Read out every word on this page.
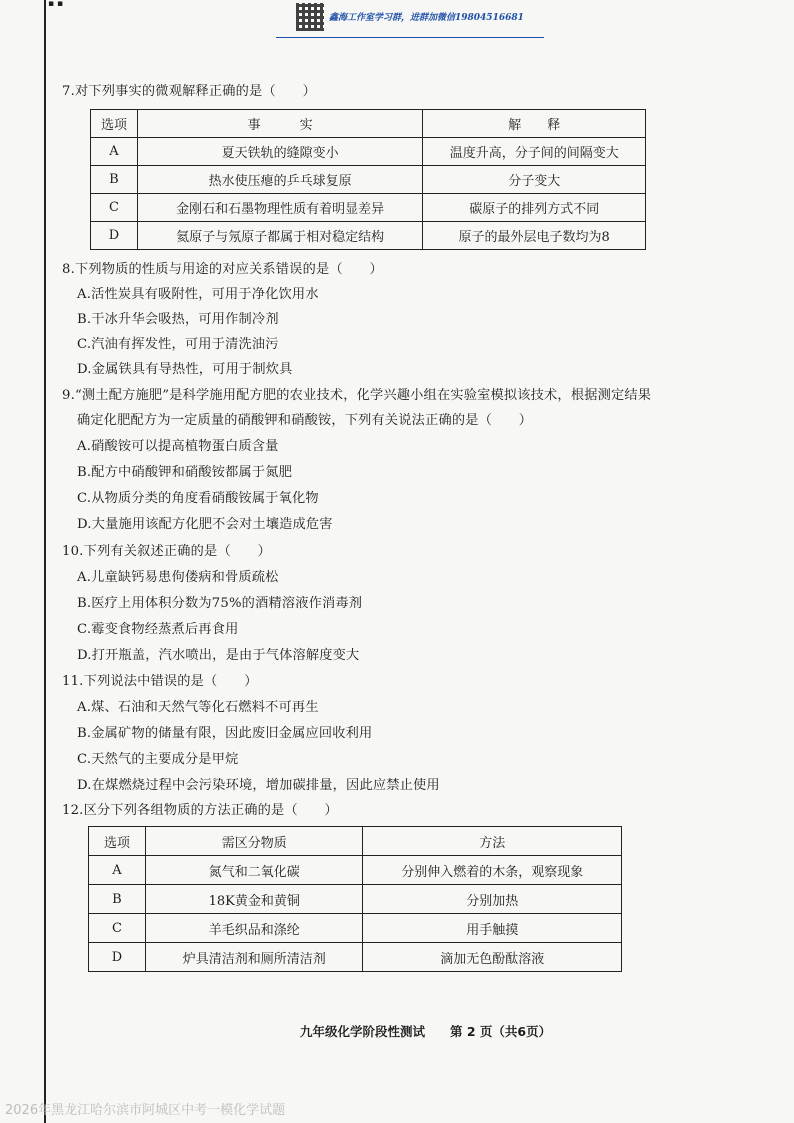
▪ ▪
鑫海工作室学习群，进群加微信19804516681
7.对下列事实的微观解释正确的是（　　）
选项	事　　　实	解　　释
A	夏天铁轨的缝隙变小	温度升高，分子间的间隔变大
B	热水使压瘪的乒乓球复原	分子变大
C	金刚石和石墨物理性质有着明显差异	碳原子的排列方式不同
D	氦原子与氖原子都属于相对稳定结构	原子的最外层电子数均为8
8.下列物质的性质与用途的对应关系错误的是（　　）
A.活性炭具有吸附性，可用于净化饮用水
B.干冰升华会吸热，可用作制冷剂
C.汽油有挥发性，可用于清洗油污
D.金属铁具有导热性，可用于制炊具
9.“测土配方施肥”是科学施用配方肥的农业技术，化学兴趣小组在实验室模拟该技术，根据测定结果
确定化肥配方为一定质量的硝酸钾和硝酸铵，下列有关说法正确的是（　　）
A.硝酸铵可以提高植物蛋白质含量
B.配方中硝酸钾和硝酸铵都属于氮肥
C.从物质分类的角度看硝酸铵属于氧化物
D.大量施用该配方化肥不会对土壤造成危害
10.下列有关叙述正确的是（　　）
A.儿童缺钙易患佝偻病和骨质疏松
B.医疗上用体积分数为75%的酒精溶液作消毒剂
C.霉变食物经蒸煮后再食用
D.打开瓶盖，汽水喷出，是由于气体溶解度变大
11.下列说法中错误的是（　　）
A.煤、石油和天然气等化石燃料不可再生
B.金属矿物的储量有限，因此废旧金属应回收利用
C.天然气的主要成分是甲烷
D.在煤燃烧过程中会污染环境，增加碳排量，因此应禁止使用
12.区分下列各组物质的方法正确的是（　　）
选项	需区分物质	方法
A	氮气和二氧化碳	分别伸入燃着的木条，观察现象
B	18K黄金和黄铜	分别加热
C	羊毛织品和涤纶	用手触摸
D	炉具清洁剂和厕所清洁剂	滴加无色酚酞溶液
九年级化学阶段性测试　　第 2 页（共6页）
2026年黑龙江哈尔滨市阿城区中考一模化学试题
